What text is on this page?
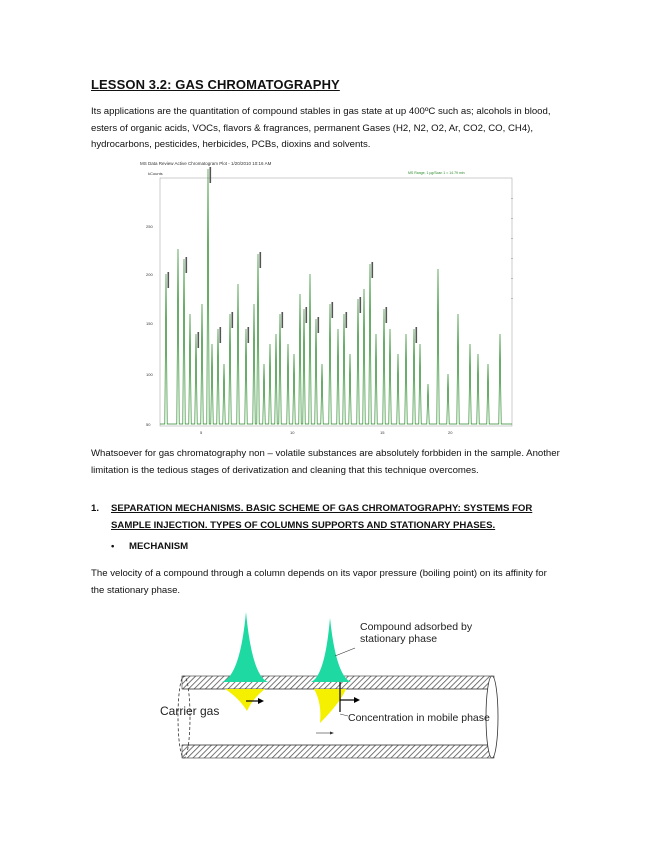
LESSON 3.2: GAS CHROMATOGRAPHY
Its applications are the quantitation of compound stables in gas state at up 400ºC such as; alcohols in blood, esters of organic acids, VOCs, flavors & fragrances, permanent Gases (H2, N2, O2, Ar, CO2, CO, CH4), hydrocarbons, pesticides, herbicides, PCBs, dioxins and solvents.
MS Data Review Active Chromatogram Plot - 1/20/2010 10:16 AM
MS Range, 1 µg/Scan 1 = 14.79 min
kCounts
250
200
150
100
50
5	10	15	20
Whatsoever for gas chromatography non – volatile substances are absolutely forbbiden in the sample. Another limitation is the tedious stages of derivatization and cleaning that this technique overcomes.
1. SEPARATION MECHANISMS. BASIC SCHEME OF GAS CHROMATOGRAPHY: SYSTEMS FOR SAMPLE INJECTION. TYPES OF COLUMNS SUPPORTS AND STATIONARY PHASES.
• MECHANISM
The velocity of a compound through a column depends on its vapor pressure (boiling point) on its affinity for the stationary phase.
Compound adsorbed by
stationary phase
Carrier gas	Concentration in mobile phase
